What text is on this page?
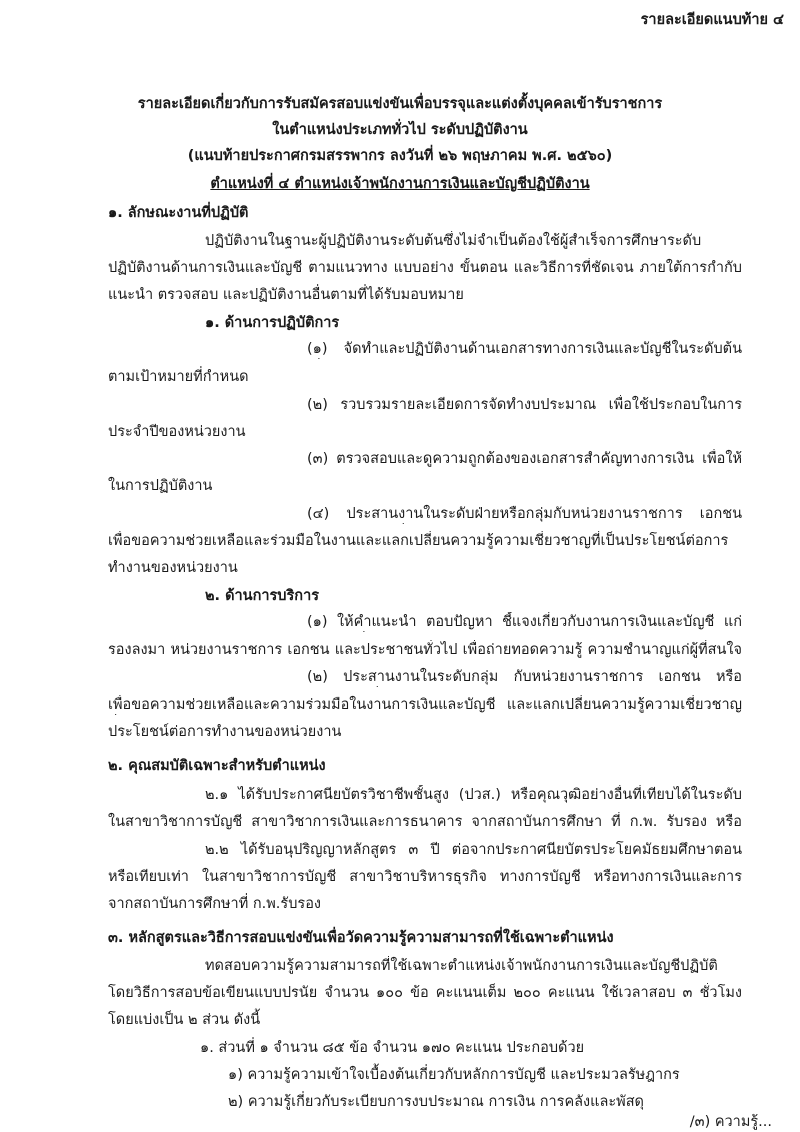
รายละเอียดแนบท้าย ๔
รายละเอียดเกี่ยวกับการรับสมัครสอบแข่งขันเพื่อบรรจุและแต่งตั้งบุคคลเข้ารับราชการ
ในตำแหน่งประเภททั่วไป ระดับปฏิบัติงาน
(แนบท้ายประกาศกรมสรรพากร ลงวันที่ ๒๖ พฤษภาคม พ.ศ. ๒๕๖๐)
ตำแหน่งที่ ๔ ตำแหน่งเจ้าพนักงานการเงินและบัญชีปฏิบัติงาน
๑. ลักษณะงานที่ปฏิบัติ
ปฏิบัติงานในฐานะผู้ปฏิบัติงานระดับต้นซึ่งไม่จำเป็นต้องใช้ผู้สำเร็จการศึกษาระดับ
ปฏิบัติงานด้านการเงินและบัญชี ตามแนวทาง แบบอย่าง ขั้นตอน และวิธีการที่ชัดเจน ภายใต้การกำกับ
แนะนำ ตรวจสอบ และปฏิบัติงานอื่นตามที่ได้รับมอบหมาย
๑. ด้านการปฏิบัติการ
(๑) จัดทำและปฏิบัติงานด้านเอกสารทางการเงินและบัญชีในระดับต้น
ตามเป้าหมายที่กำหนด
(๒) รวบรวมรายละเอียดการจัดทำงบประมาณ เพื่อใช้ประกอบในการ
ประจำปีของหน่วยงาน
(๓) ตรวจสอบและดูความถูกต้องของเอกสารสำคัญทางการเงิน เพื่อให้
ในการปฏิบัติงาน
(๔) ประสานงานในระดับฝ่ายหรือกลุ่มกับหน่วยงานราชการ เอกชน
เพื่อขอความช่วยเหลือและร่วมมือในงานและแลกเปลี่ยนความรู้ความเชี่ยวชาญที่เป็นประโยชน์ต่อการ
ทำงานของหน่วยงาน
๒. ด้านการบริการ
(๑) ให้คำแนะนำ ตอบปัญหา ชี้แจงเกี่ยวกับงานการเงินและบัญชี แก่
รองลงมา หน่วยงานราชการ เอกชน และประชาชนทั่วไป เพื่อถ่ายทอดความรู้ ความชำนาญแก่ผู้ที่สนใจ
(๒) ประสานงานในระดับกลุ่ม กับหน่วยงานราชการ เอกชน หรือ
เพื่อขอความช่วยเหลือและความร่วมมือในงานการเงินและบัญชี และแลกเปลี่ยนความรู้ความเชี่ยวชาญ
ประโยชน์ต่อการทำงานของหน่วยงาน
๒. คุณสมบัติเฉพาะสำหรับตำแหน่ง
๒.๑ ได้รับประกาศนียบัตรวิชาชีพชั้นสูง (ปวส.) หรือคุณวุฒิอย่างอื่นที่เทียบได้ในระดับ
ในสาขาวิชาการบัญชี สาขาวิชาการเงินและการธนาคาร จากสถาบันการศึกษา ที่ ก.พ. รับรอง หรือ
๒.๒ ได้รับอนุปริญญาหลักสูตร ๓ ปี ต่อจากประกาศนียบัตรประโยคมัธยมศึกษาตอน
หรือเทียบเท่า ในสาขาวิชาการบัญชี สาขาวิชาบริหารธุรกิจ ทางการบัญชี หรือทางการเงินและการ
จากสถาบันการศึกษาที่ ก.พ.รับรอง
๓. หลักสูตรและวิธีการสอบแข่งขันเพื่อวัดความรู้ความสามารถที่ใช้เฉพาะตำแหน่ง
ทดสอบความรู้ความสามารถที่ใช้เฉพาะตำแหน่งเจ้าพนักงานการเงินและบัญชีปฏิบัติ
โดยวิธีการสอบข้อเขียนแบบปรนัย จำนวน ๑๐๐ ข้อ คะแนนเต็ม ๒๐๐ คะแนน ใช้เวลาสอบ ๓ ชั่วโมง
โดยแบ่งเป็น ๒ ส่วน ดังนี้
๑. ส่วนที่ ๑ จำนวน ๘๕ ข้อ จำนวน ๑๗๐ คะแนน ประกอบด้วย
๑) ความรู้ความเข้าใจเบื้องต้นเกี่ยวกับหลักการบัญชี และประมวลรัษฎากร
๒) ความรู้เกี่ยวกับระเบียบการงบประมาณ การเงิน การคลังและพัสดุ
/๓) ความรู้...
